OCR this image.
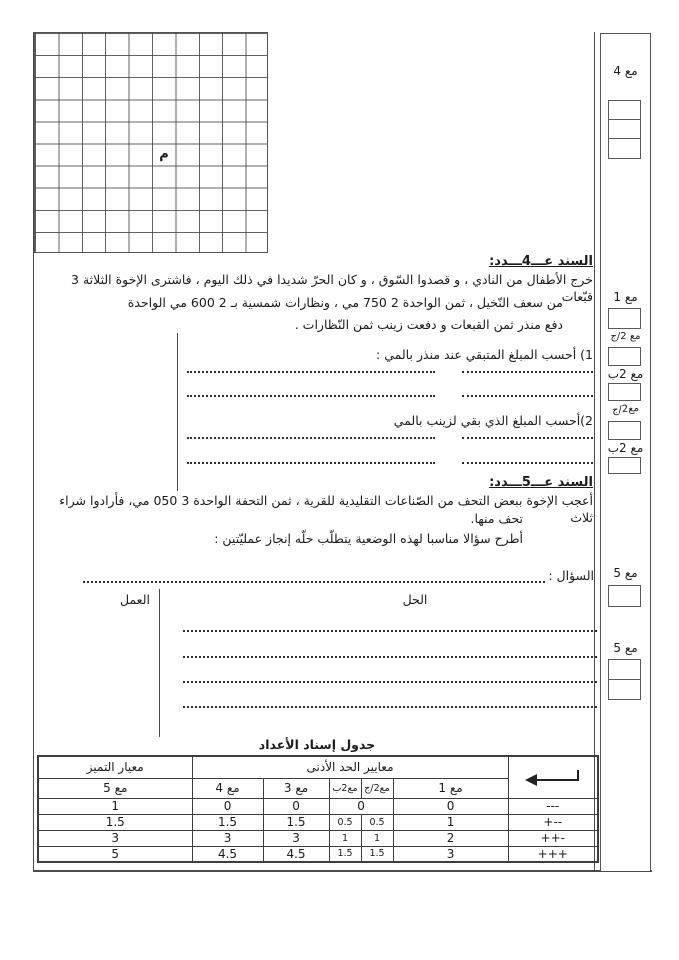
م
السند عـــ4ـــدد:
خرج الأطفال من النادي ، و قصدوا السّوق ، و كان الحرّ شديدا في ذلك اليوم ، فاشترى الإخوة الثلاثة 3 قبّعات
من سعف النّخيل ، ثمن الواحدة 2 750 مي ، ونظارات شمسية بـ 2 600 مي الواحدة
دفع منذر ثمن القبعات و دفعت زينب ثمن النّظارات .
1) أحسب المبلغ المتبقي عند منذر بالمي :
2)أحسب المبلغ الذي بقي لزينب بالمي
السند عـــ5ـــدد:
أعجب الإخوة ببعض التحف من الصّناعات التقليدية للقرية ، ثمن التحفة الواحدة 3 050 مي، فأرادوا شراء ثلاث
تحف منها.
أطرح سؤالا مناسبا لهذه الوضعية يتطلّب حلّه إنجاز عمليّتين :
السؤال :
الحل
العمل
جدول إسناد الأعداد
	معايير الحد الأدنى					معيار التميز
	مع 1	مع2/ج	مع2ب	مع 3	مع 4	مع 5
---	0	0		0	0	1
+--	1	0.5	0.5	1.5	1.5	1.5
++-	2	1	1	3	3	3
+++	3	1.5	1.5	4.5	4.5	5
مع 4
مع 1
مع 2/ج
مع 2ب
مع2/ج
مع 2ب
مع 5
مع 5
